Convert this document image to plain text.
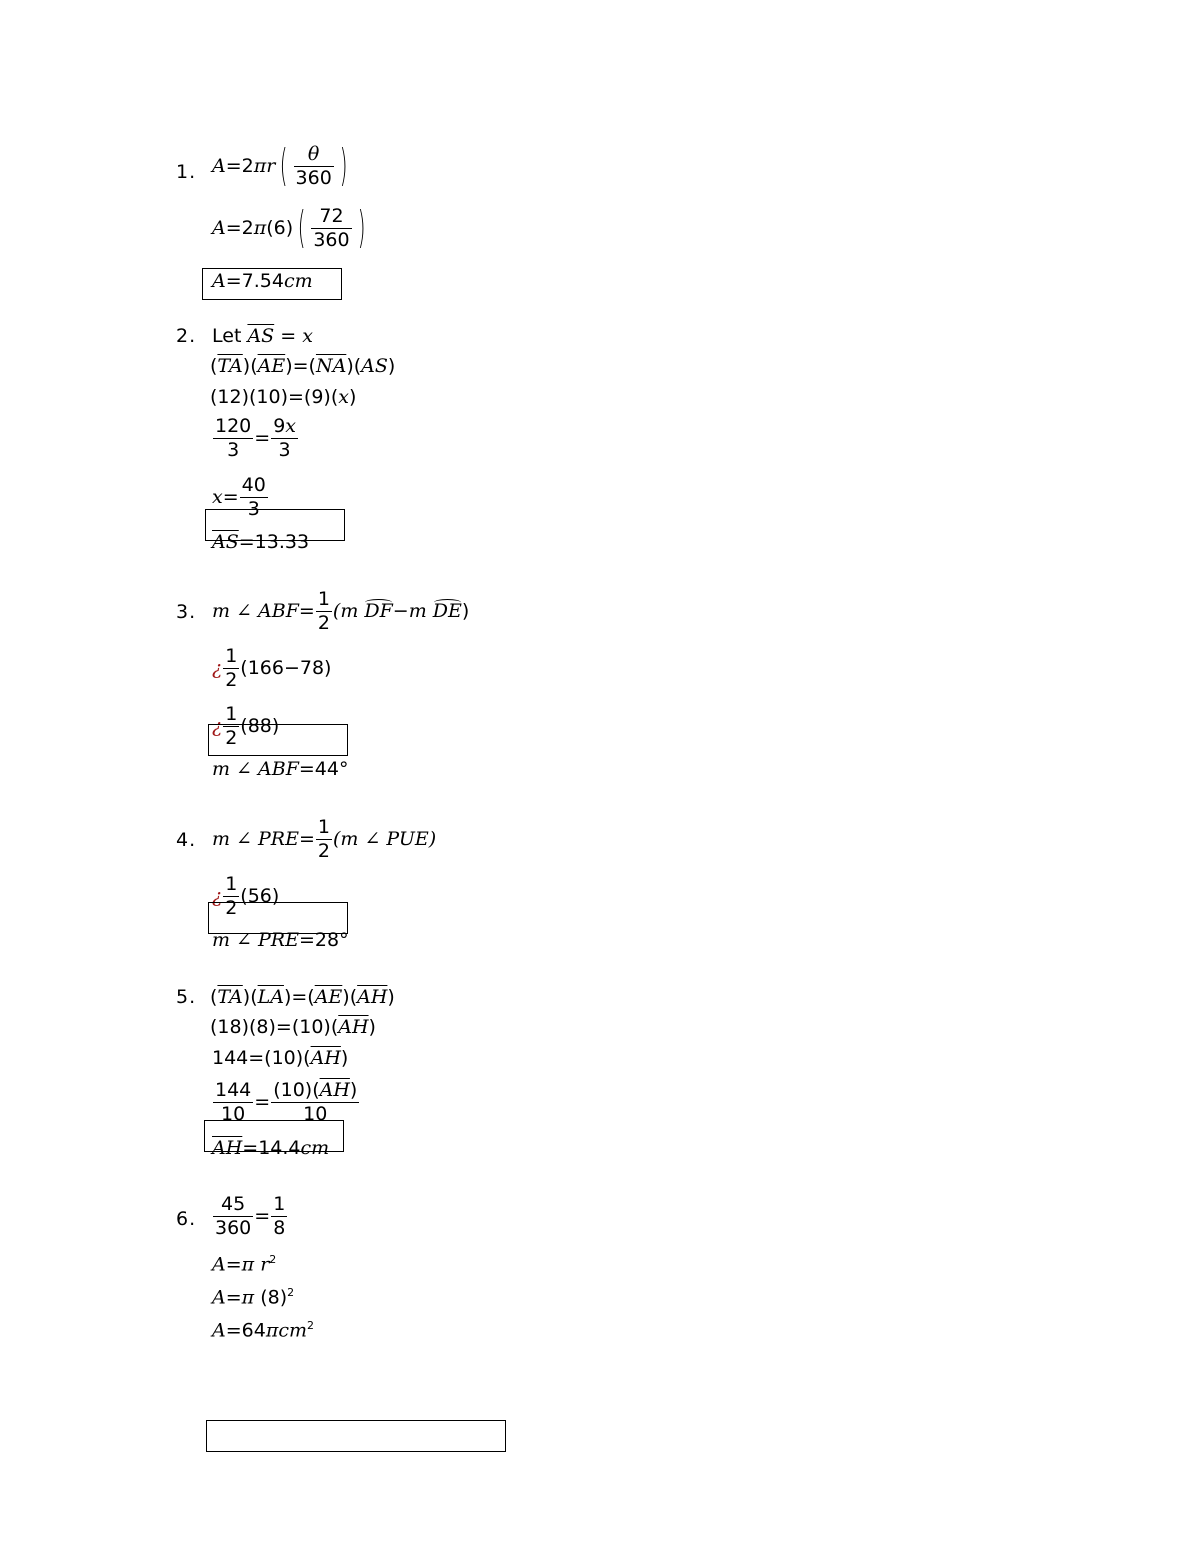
1. A=2πr ( $\frac{\theta}{360}$ )
A=2π(6) ( $\frac{72}{360}$ )
A=7.54cm
2. Let $\overline{AS} = x$
$(\overline{TA})(\overline{AE})=(\overline{NA})(AS)$
(12)(10)=(9)(x)
$\frac{120}{3} = \frac{9x}{3}$
$x= \frac{40}{3}$
$\overline{AS}=13.33$
3. m ∠ $ABF= \frac{1}{2} (m$ DF−m DE)
¿ $\frac{1}{2} (166-78)$
¿ $\frac{1}{2} (88)$
m ∠ ABF=44°
4. m ∠ $PRE= \frac{1}{2} (m$ ∠ PUE)
¿ $\frac{1}{2} (56)$
m ∠ PRE=28°
5. $(\overline{TA})(\overline{LA})=(\overline{AE})(\overline{AH})$
$(18)(8)=(10)(\overline{AH})$
$144=(10)(\overline{AH})$
$\frac{144}{10} = \frac{(10)(\overline{AH})}{10}$
$\overline{AH}=14.4cm$
6. $\frac{45}{360} = \frac{1}{8}$
A=π $r^2$
A=π $(8)^2$
A=64πcm$^2$
